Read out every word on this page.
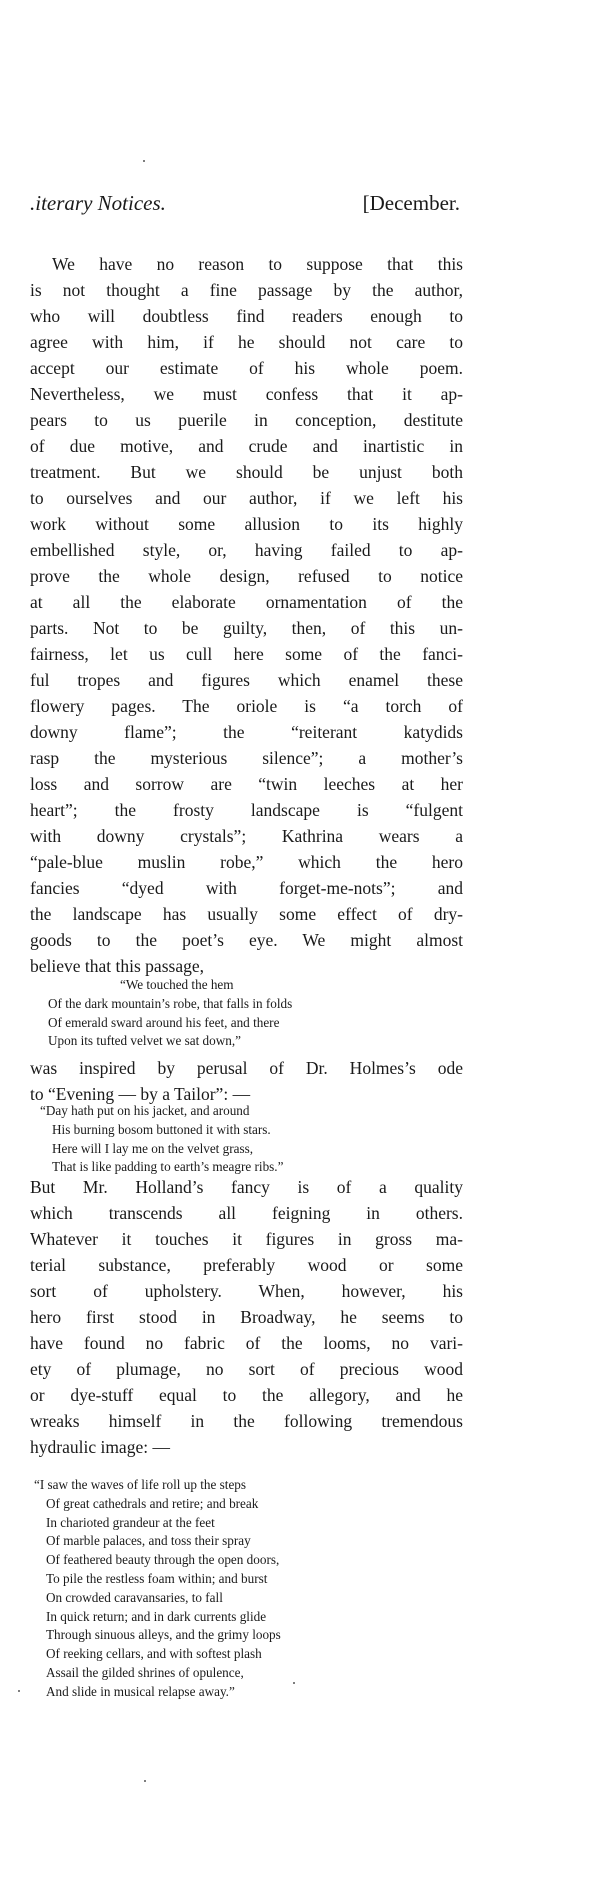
.iterary Notices.	[December.
We have no reason to suppose that this
is not thought a fine passage by the author,
who will doubtless find readers enough to
agree with him, if he should not care to
accept our estimate of his whole poem.
Nevertheless, we must confess that it ap-
pears to us puerile in conception, destitute
of due motive, and crude and inartistic in
treatment. But we should be unjust both
to ourselves and our author, if we left his
work without some allusion to its highly
embellished style, or, having failed to ap-
prove the whole design, refused to notice
at all the elaborate ornamentation of the
parts. Not to be guilty, then, of this un-
fairness, let us cull here some of the fanci-
ful tropes and figures which enamel these
flowery pages. The oriole is “a torch of
downy flame”; the “reiterant katydids
rasp the mysterious silence”; a mother’s
loss and sorrow are “twin leeches at her
heart”; the frosty landscape is “fulgent
with downy crystals”; Kathrina wears a
“pale-blue muslin robe,” which the hero
fancies “dyed with forget-me-nots”; and
the landscape has usually some effect of dry-
goods to the poet’s eye. We might almost
believe that this passage,
“We touched the hem
Of the dark mountain’s robe, that falls in folds
Of emerald sward around his feet, and there
Upon its tufted velvet we sat down,”
was inspired by perusal of Dr. Holmes’s ode
to “Evening — by a Tailor”: —
“Day hath put on his jacket, and around
His burning bosom buttoned it with stars.
Here will I lay me on the velvet grass,
That is like padding to earth’s meagre ribs.”
But Mr. Holland’s fancy is of a quality
which transcends all feigning in others.
Whatever it touches it figures in gross ma-
terial substance, preferably wood or some
sort of upholstery. When, however, his
hero first stood in Broadway, he seems to
have found no fabric of the looms, no vari-
ety of plumage, no sort of precious wood
or dye-stuff equal to the allegory, and he
wreaks himself in the following tremendous
hydraulic image: —
“I saw the waves of life roll up the steps
Of great cathedrals and retire; and break
In charioted grandeur at the feet
Of marble palaces, and toss their spray
Of feathered beauty through the open doors,
To pile the restless foam within; and burst
On crowded caravansaries, to fall
In quick return; and in dark currents glide
Through sinuous alleys, and the grimy loops
Of reeking cellars, and with softest plash
Assail the gilded shrines of opulence,
And slide in musical relapse away.”
